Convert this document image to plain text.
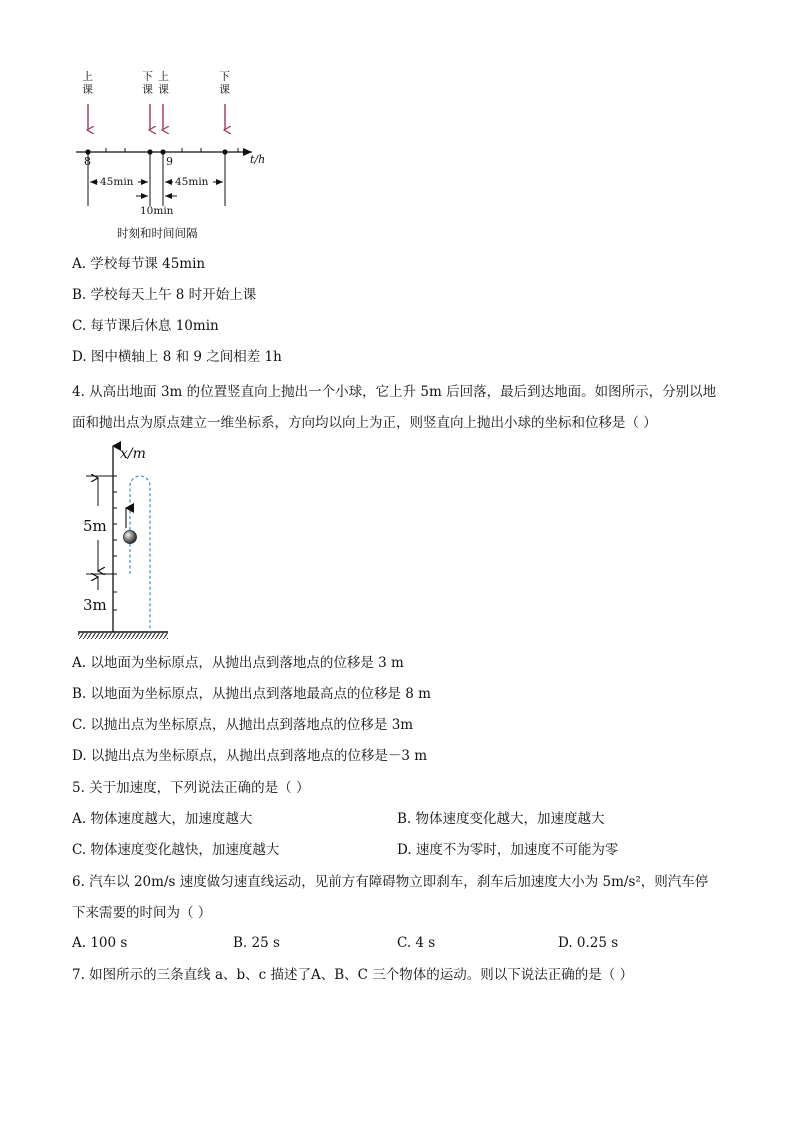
上
课
下
课
上
课
下
课
8	9	t/h
45min	45min
10min
时刻和时间间隔

A. 学校每节课 45min

B. 学校每天上午 8 时开始上课

C. 每节课后休息 10min

D. 图中横轴上 8 和 9 之间相差 1h

4. 从高出地面 3m 的位置竖直向上抛出一个小球，它上升 5m 后回落，最后到达地面。如图所示，分别以地

面和抛出点为原点建立一维坐标系，方向均以向上为正，则竖直向上抛出小球的坐标和位移是（ ）

x/m
5m
3m

A. 以地面为坐标原点，从抛出点到落地点的位移是 3 m

B. 以地面为坐标原点，从抛出点到落地最高点的位移是 8 m

C. 以抛出点为坐标原点，从抛出点到落地点的位移是 3m

D. 以抛出点为坐标原点，从抛出点到落地点的位移是－3 m

5. 关于加速度，下列说法正确的是（ ）

A. 物体速度越大，加速度越大	B. 物体速度变化越大，加速度越大
C. 物体速度变化越快，加速度越大	D. 速度不为零时，加速度不可能为零

6. 汽车以 20m/s 速度做匀速直线运动，见前方有障碍物立即刹车，刹车后加速度大小为 5m/s²，则汽车停

下来需要的时间为（ ）

A. 100 s	B. 25 s	C. 4 s	D. 0.25 s

7. 如图所示的三条直线 a、b、c 描述了A、B、C 三个物体的运动。则以下说法正确的是（ ）
